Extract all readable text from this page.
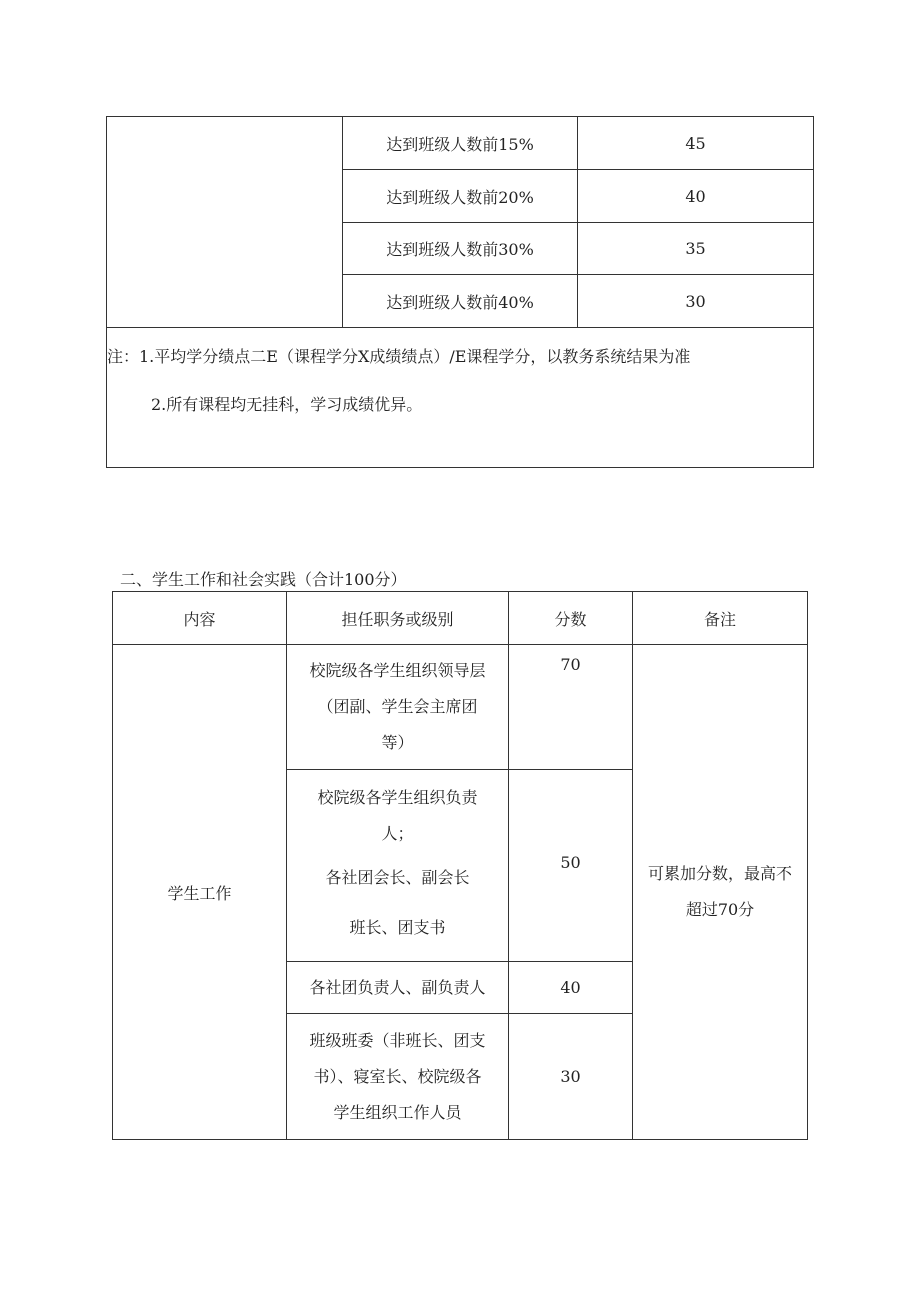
	达到班级人数前15%	45
	达到班级人数前20%	40
	达到班级人数前30%	35
	达到班级人数前40%	30

注：1.平均学分绩点二E（课程学分X成绩绩点）/E课程学分，以教务系统结果为准
2.所有课程均无挂科，学习成绩优异。		
二、学生工作和社会实践（合计100分）
内容	担任职务或级别	分数	备注
学生工作	校院级各学生组织领导层
（团副、学生会主席团
等）	70	可累加分数，最高不超过70分

	校院级各学生组织负责
人；
各社团会长、副会长
班长、团支书	50	

	各社团负责人、副负责人	40	

	班级班委（非班长、团支
书）、寝室长、校院级各
学生组织工作人员	30	
